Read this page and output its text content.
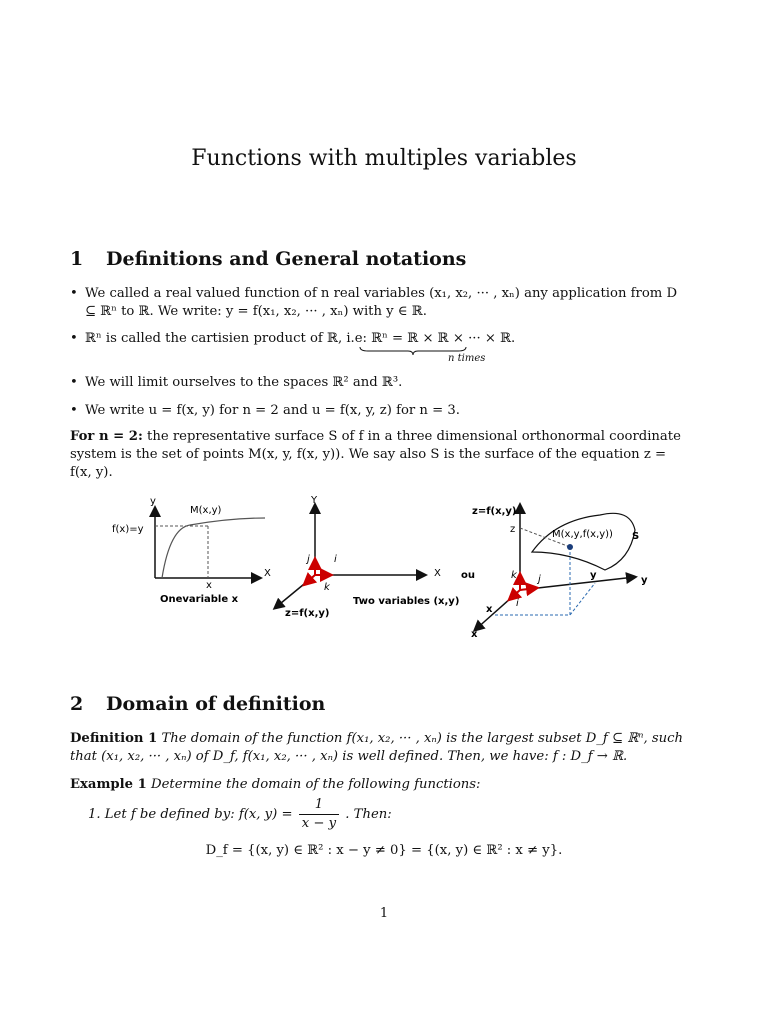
Functions with multiples variables
1 Definitions and General notations
• We called a real valued function of n real variables (x₁, x₂, ··· , xₙ) any application from D ⊆ ℝⁿ to ℝ. We write: y = f(x₁, x₂, ··· , xₙ) with y ∈ ℝ.
• ℝⁿ is called the cartisien product of ℝ, i.e: ℝⁿ = ℝ × ℝ × ··· × ℝ.
n times
• We will limit ourselves to the spaces ℝ² and ℝ³.
• We write u = f(x, y) for n = 2 and u = f(x, y, z) for n = 3.
For n = 2: the representative surface S of f in a three dimensional orthonormal coordinate system is the set of points M(x, y, f(x, y)). We say also S is the surface of the equation z = f(x, y).
y
f(x)=y
M(x,y)
X
x
Onevariable x
Y
X
z=f(x,y)
j i
k
Two variables (x,y)
ou
z=f(x,y)
z	M(x,y,f(x,y)) S
y	y
x
x
k j
i
2 Domain of definition
Definition 1 The domain of the function f(x₁, x₂, ··· , xₙ) is the largest subset D_f ⊆ ℝⁿ, such that (x₁, x₂, ··· , xₙ) of D_f, f(x₁, x₂, ··· , xₙ) is well defined. Then, we have: f : D_f → ℝ.
Example 1 Determine the domain of the following functions:
1. Let f be defined by: f(x, $y) = \frac{1}{x - y}$ . Then:
D_f = {(x, y) ∈ ℝ² : x − y ≠ 0} = {(x, y) ∈ ℝ² : x ≠ y}.
1
